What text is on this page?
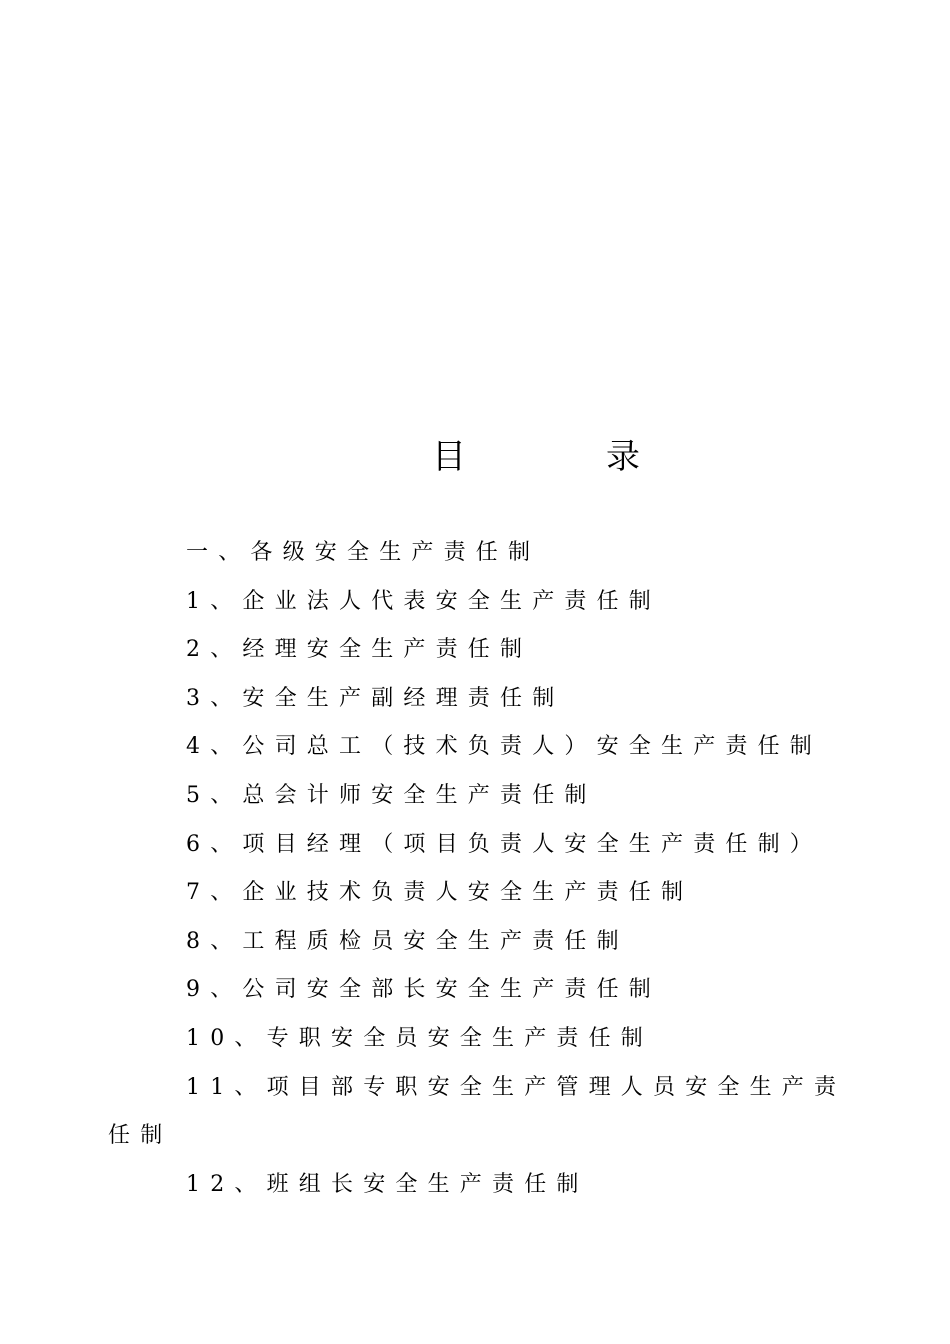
目	录
一、各级安全生产责任制
1、企业法人代表安全生产责任制
2、经理安全生产责任制
3、安全生产副经理责任制
4、公司总工（技术负责人）安全生产责任制
5、总会计师安全生产责任制
6、项目经理（项目负责人安全生产责任制）
7、企业技术负责人安全生产责任制
8、工程质检员安全生产责任制
9、公司安全部长安全生产责任制
10、专职安全员安全生产责任制
11、项目部专职安全生产管理人员安全生产责任制
12、班组长安全生产责任制
